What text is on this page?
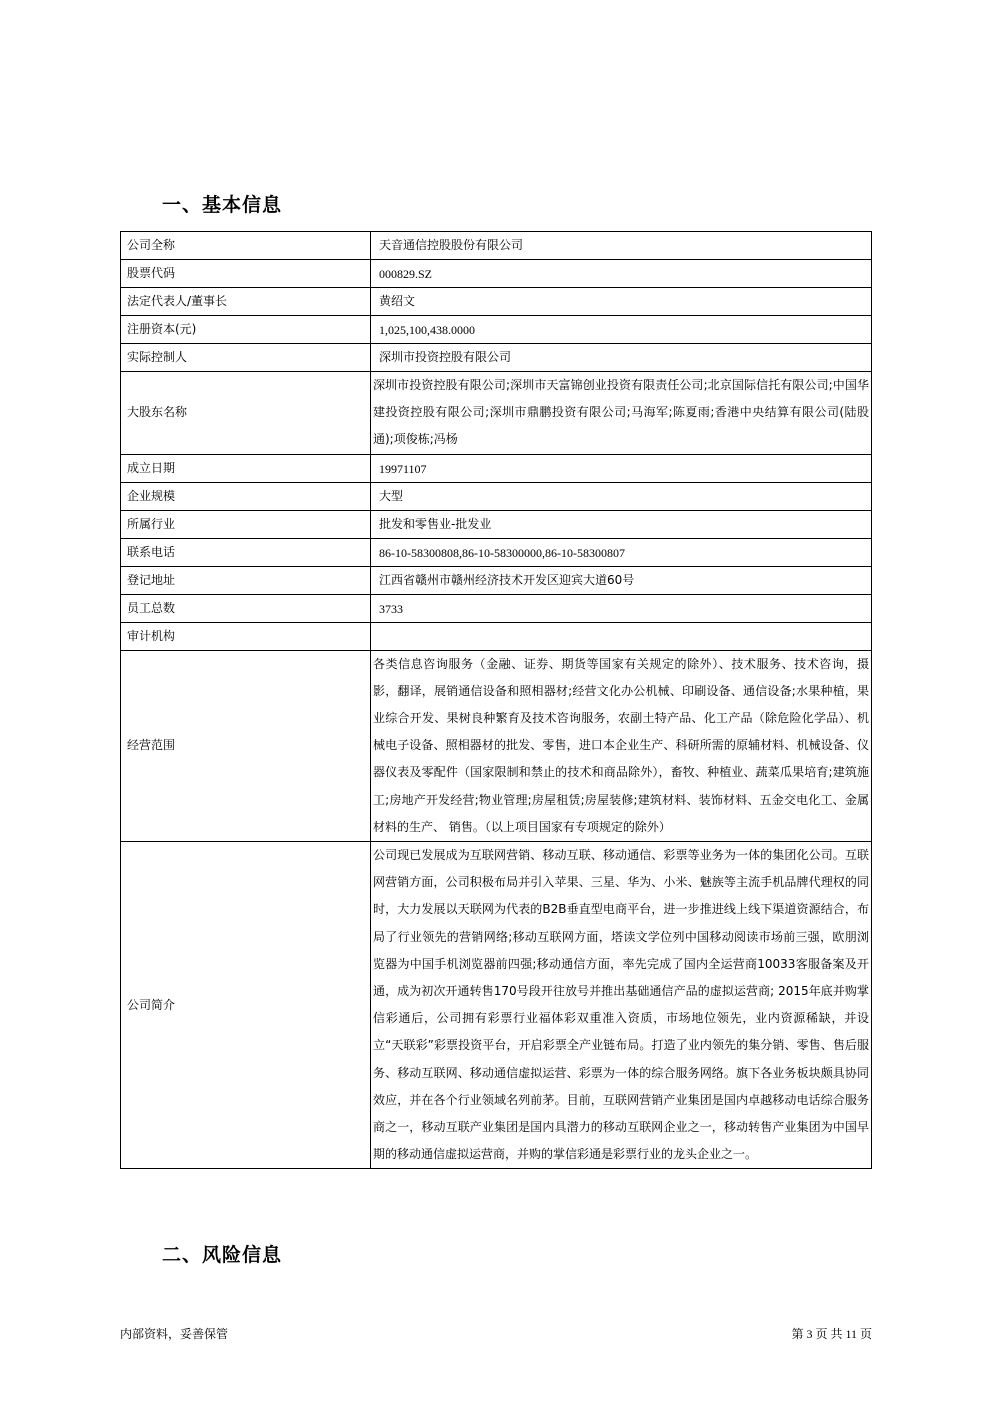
一、基本信息
公司全称	天音通信控股股份有限公司
股票代码	000829.SZ
法定代表人/董事长	黄绍文
注册资本(元)	1,025,100,438.0000
实际控制人	深圳市投资控股有限公司
大股东名称	深圳市投资控股有限公司;深圳市天富锦创业投资有限责任公司;北京国际信托有限公司;中国华建投资控股有限公司;深圳市鼎鹏投资有限公司;马海军;陈夏雨;香港中央结算有限公司(陆股通);项俊栋;冯杨
成立日期	19971107
企业规模	大型
所属行业	批发和零售业-批发业
联系电话	86-10-58300808,86-10-58300000,86-10-58300807
登记地址	江西省赣州市赣州经济技术开发区迎宾大道60号
员工总数	3733
审计机构	
经营范围	各类信息咨询服务（金融、证券、期货等国家有关规定的除外）、技术服务、技术咨询，摄影，翻译，展销通信设备和照相器材;经营文化办公机械、印刷设备、通信设备;水果种植，果业综合开发、果树良种繁育及技术咨询服务，农副土特产品、化工产品（除危险化学品）、机械电子设备、照相器材的批发、零售，进口本企业生产、科研所需的原辅材料、机械设备、仪器仪表及零配件（国家限制和禁止的技术和商品除外），畜牧、种植业、蔬菜瓜果培育;建筑施工;房地产开发经营;物业管理;房屋租赁;房屋装修;建筑材料、装饰材料、五金交电化工、金属材料的生产、 销售。（以上项目国家有专项规定的除外）
公司简介	公司现已发展成为互联网营销、移动互联、移动通信、彩票等业务为一体的集团化公司。互联网营销方面，公司积极布局并引入苹果、三星、华为、小米、魅族等主流手机品牌代理权的同时，大力发展以天联网为代表的B2B垂直型电商平台，进一步推进线上线下渠道资源结合，布局了行业领先的营销网络;移动互联网方面，塔读文学位列中国移动阅读市场前三强，欧朋浏览器为中国手机浏览器前四强;移动通信方面，率先完成了国内全运营商10033客服备案及开通，成为初次开通转售170号段开往放号并推出基础通信产品的虚拟运营商; 2015年底并购掌信彩通后，公司拥有彩票行业福体彩双重准入资质，市场地位领先，业内资源稀缺，并设立“天联彩”彩票投资平台，开启彩票全产业链布局。打造了业内领先的集分销、零售、售后服务、移动互联网、移动通信虚拟运营、彩票为一体的综合服务网络。旗下各业务板块颇具协同效应，并在各个行业领域名列前茅。目前，互联网营销产业集团是国内卓越移动电话综合服务商之一，移动互联产业集团是国内具潜力的移动互联网企业之一，移动转售产业集团为中国早期的移动通信虚拟运营商，并购的掌信彩通是彩票行业的龙头企业之一。
二、风险信息
内部资料，妥善保管	第 3 页 共 11 页
